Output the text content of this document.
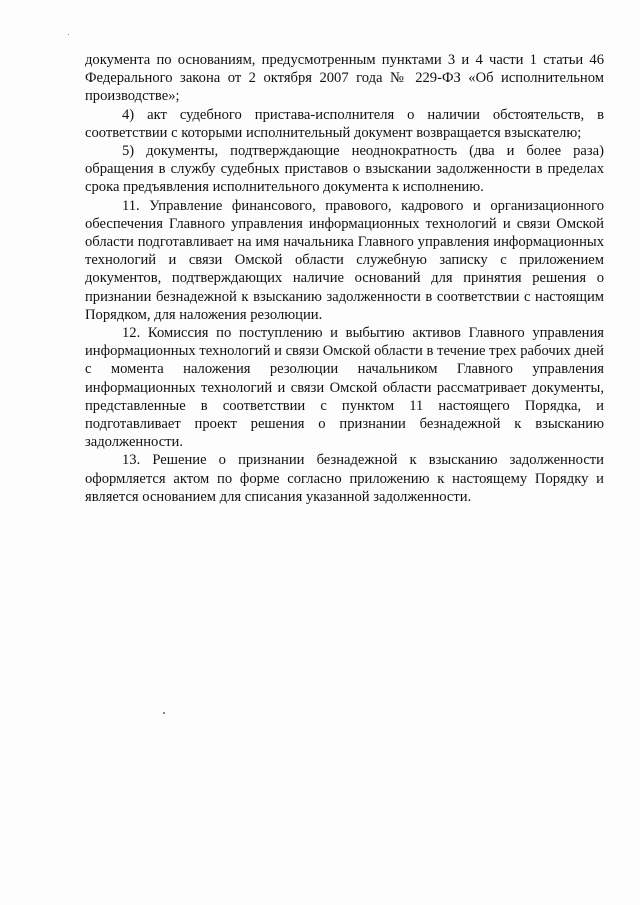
документа по основаниям, предусмотренным пунктами 3 и 4 части 1 статьи 46 Федерального закона от 2 октября 2007 года № 229-ФЗ «Об исполнительном производстве»;

4) акт судебного пристава-исполнителя о наличии обстоятельств, в соответствии с которыми исполнительный документ возвращается взыскателю;

5) документы, подтверждающие неоднократность (два и более раза) обращения в службу судебных приставов о взыскании задолженности в пределах срока предъявления исполнительного документа к исполнению.

11. Управление финансового, правового, кадрового и организационного обеспечения Главного управления информационных технологий и связи Омской области подготавливает на имя начальника Главного управления информационных технологий и связи Омской области служебную записку с приложением документов, подтверждающих наличие оснований для принятия решения о признании безнадежной к взысканию задолженности в соответствии с настоящим Порядком, для наложения резолюции.

12. Комиссия по поступлению и выбытию активов Главного управления информационных технологий и связи Омской области в течение трех рабочих дней с момента наложения резолюции начальником Главного управления информационных технологий и связи Омской области рассматривает документы, представленные в соответствии с пунктом 11 настоящего Порядка, и подготавливает проект решения о признании безнадежной к взысканию задолженности.

13. Решение о признании безнадежной к взысканию задолженности оформляется актом по форме согласно приложению к настоящему Порядку и является основанием для списания указанной задолженности.
